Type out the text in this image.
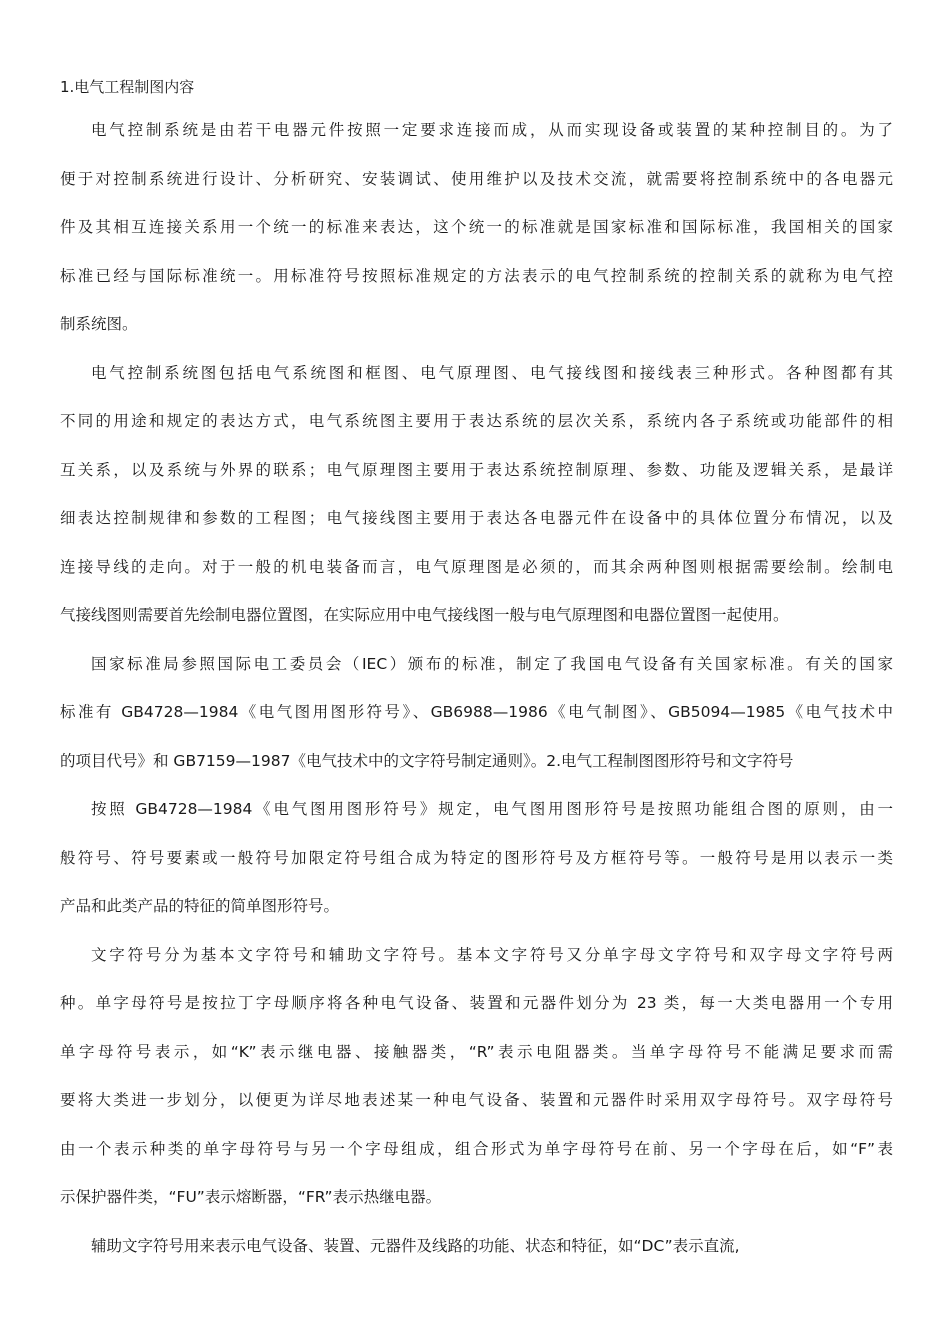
1.电气工程制图内容
电气控制系统是由若干电器元件按照一定要求连接而成，从而实现设备或装置的某种控制目的。为了
便于对控制系统进行设计、分析研究、安装调试、使用维护以及技术交流，就需要将控制系统中的各电器元
件及其相互连接关系用一个统一的标准来表达，这个统一的标准就是国家标准和国际标准，我国相关的国家
标准已经与国际标准统一。用标准符号按照标准规定的方法表示的电气控制系统的控制关系的就称为电气控
制系统图。
电气控制系统图包括电气系统图和框图、电气原理图、电气接线图和接线表三种形式。各种图都有其
不同的用途和规定的表达方式，电气系统图主要用于表达系统的层次关系，系统内各子系统或功能部件的相
互关系，以及系统与外界的联系；电气原理图主要用于表达系统控制原理、参数、功能及逻辑关系，是最详
细表达控制规律和参数的工程图；电气接线图主要用于表达各电器元件在设备中的具体位置分布情况，以及
连接导线的走向。对于一般的机电装备而言，电气原理图是必须的，而其余两种图则根据需要绘制。绘制电
气接线图则需要首先绘制电器位置图，在实际应用中电气接线图一般与电气原理图和电器位置图一起使用。
国家标准局参照国际电工委员会（IEC）颁布的标准，制定了我国电气设备有关国家标准。有关的国家
标准有 GB4728—1984《电气图用图形符号》、GB6988—1986《电气制图》、GB5094—1985《电气技术中
的项目代号》和 GB7159—1987《电气技术中的文字符号制定通则》。2.电气工程制图图形符号和文字符号
按照 GB4728—1984《电气图用图形符号》规定，电气图用图形符号是按照功能组合图的原则，由一
般符号、符号要素或一般符号加限定符号组合成为特定的图形符号及方框符号等。一般符号是用以表示一类
产品和此类产品的特征的简单图形符号。
文字符号分为基本文字符号和辅助文字符号。基本文字符号又分单字母文字符号和双字母文字符号两
种。单字母符号是按拉丁字母顺序将各种电气设备、装置和元器件划分为 23 类，每一大类电器用一个专用
单字母符号表示，如“K”表示继电器、接触器类，“R”表示电阻器类。当单字母符号不能满足要求而需
要将大类进一步划分，以便更为详尽地表述某一种电气设备、装置和元器件时采用双字母符号。双字母符号
由一个表示种类的单字母符号与另一个字母组成，组合形式为单字母符号在前、另一个字母在后，如“F”表
示保护器件类，“FU”表示熔断器，“FR”表示热继电器。
辅助文字符号用来表示电气设备、装置、元器件及线路的功能、状态和特征，如“DC”表示直流,
